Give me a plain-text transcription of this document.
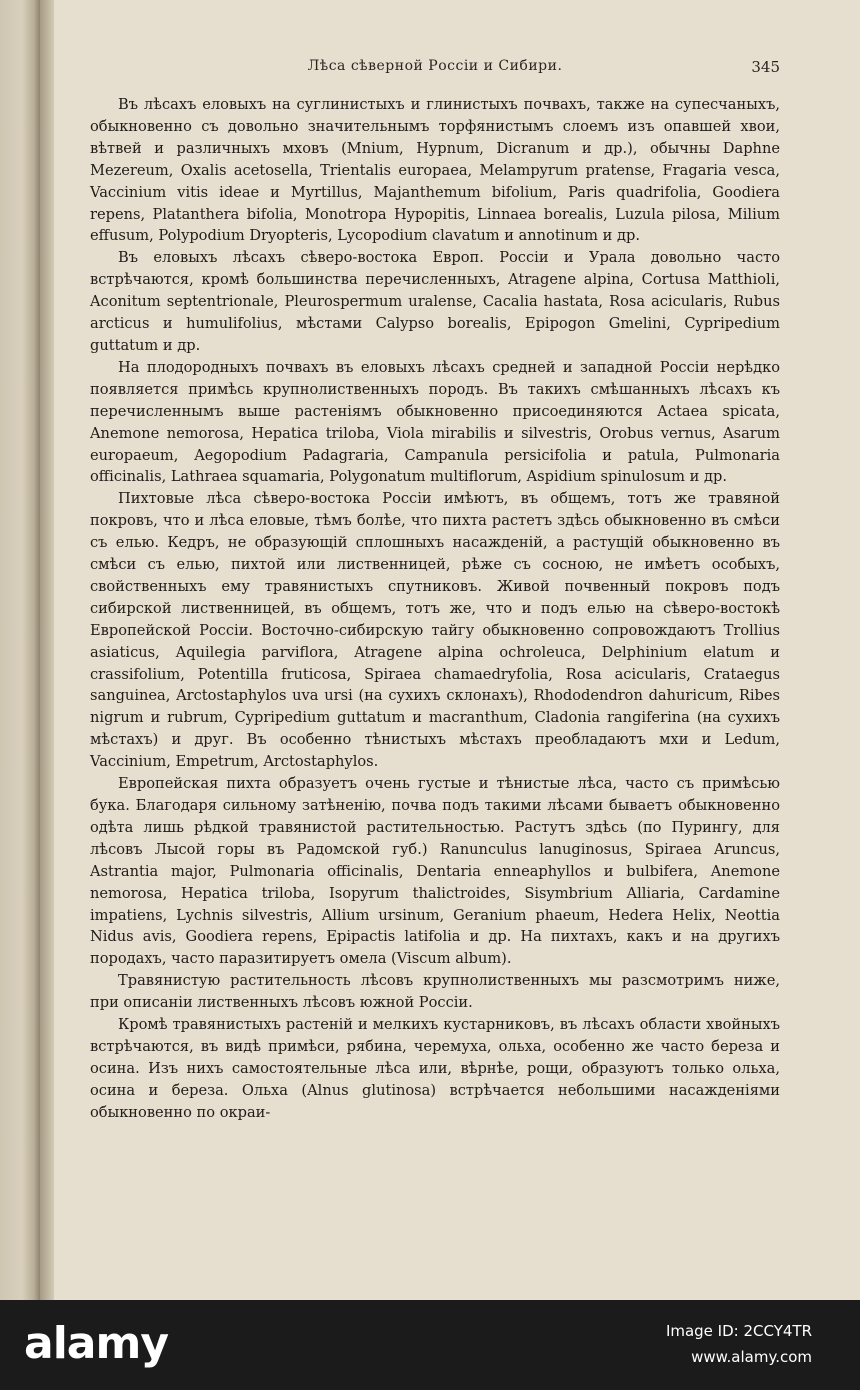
Лѣса сѣверной Россіи и Сибири.	345

Въ лѣсахъ еловыхъ на суглинистыхъ и глинистыхъ почвахъ, также на супесчаныхъ, обыкновенно съ довольно значительнымъ торфянистымъ слоемъ изъ опавшей хвои, вѣтвей и различныхъ мховъ (Mnium, Hypnum, Dicranum и др.), обычны Daphne Mezereum, Oxalis acetosella, Trientalis europaea, Melampyrum pratense, Fragaria vesca, Vaccinium vitis ideae и Myrtillus, Majanthemum bifolium, Paris quadrifolia, Goodiera repens, Platanthera bifolia, Monotropa Hypopitis, Linnaea borealis, Luzula pilosa, Milium effusum, Polypodium Dryopteris, Lycopodium clavatum и annotinum и др.

Въ еловыхъ лѣсахъ сѣверо-востока Европ. Россіи и Урала довольно часто встрѣчаются, кромѣ большинства перечисленныхъ, Atragene alpina, Cortusa Matthioli, Aconitum septentrionale, Pleurospermum uralense, Cacalia hastata, Rosa acicularis, Rubus arcticus и humulifolius, мѣстами Calypso borealis, Epipogon Gmelini, Cypripedium guttatum и др.

На плодородныхъ почвахъ въ еловыхъ лѣсахъ средней и западной Россіи нерѣдко появляется примѣсь крупнолиственныхъ породъ. Въ такихъ смѣшанныхъ лѣсахъ къ перечисленнымъ выше растеніямъ обыкновенно присоединяются Actaea spicata, Anemone nemorosa, Hepatica triloba, Viola mirabilis и silvestris, Orobus vernus, Asarum europaeum, Aegopodium Padagraria, Campanula persicifolia и patula, Pulmonaria officinalis, Lathraea squamaria, Polygonatum multiflorum, Aspidium spinulosum и др.

Пихтовые лѣса сѣверо-востока Россіи имѣютъ, въ общемъ, тотъ же травяной покровъ, что и лѣса еловые, тѣмъ болѣе, что пихта растетъ здѣсь обыкновенно въ смѣси съ елью. Кедръ, не образующій сплошныхъ насажденій, а растущій обыкновенно въ смѣси съ елью, пихтой или лиственницей, рѣже съ сосною, не имѣетъ особыхъ, свойственныхъ ему травянистыхъ спутниковъ. Живой почвенный покровъ подъ сибирской лиственницей, въ общемъ, тотъ же, что и подъ елью на сѣверо-востокѣ Европейской Россіи. Восточно-сибирскую тайгу обыкновенно сопровождаютъ Trollius asiaticus, Aquilegia parviflora, Atragene alpina ochroleuca, Delphinium elatum и crassifolium, Potentilla fruticosa, Spiraea chamaedryfolia, Rosa acicularis, Crataegus sanguinea, Arctostaphylos uva ursi (на сухихъ склонахъ), Rhododendron dahuricum, Ribes nigrum и rubrum, Cypripedium guttatum и macranthum, Cladonia rangiferina (на сухихъ мѣстахъ) и друг. Въ особенно тѣнистыхъ мѣстахъ преобладаютъ мхи и Ledum, Vaccinium, Empetrum, Arctostaphylos.

Европейская пихта образуетъ очень густые и тѣнистые лѣса, часто съ примѣсью бука. Благодаря сильному затѣненію, почва подъ такими лѣсами бываетъ обыкновенно одѣта лишь рѣдкой травянистой растительностью. Растутъ здѣсь (по Пурингу, для лѣсовъ Лысой горы въ Радомской губ.) Ranunculus lanuginosus, Spiraea Aruncus, Astrantia major, Pulmonaria officinalis, Dentaria enneaphyllos и bulbifera, Anemone nemorosa, Hepatica triloba, Isopyrum thalictroides, Sisymbrium Alliaria, Cardamine impatiens, Lychnis silvestris, Allium ursinum, Geranium phaeum, Hedera Helix, Neottia Nidus avis, Goodiera repens, Epipactis latifolia и др. На пихтахъ, какъ и на другихъ породахъ, часто паразитируетъ омела (Viscum album).

Травянистую растительность лѣсовъ крупнолиственныхъ мы разсмотримъ ниже, при описаніи лиственныхъ лѣсовъ южной Россіи.

Кромѣ травянистыхъ растеній и мелкихъ кустарниковъ, въ лѣсахъ области хвойныхъ встрѣчаются, въ видѣ примѣси, рябина, черемуха, ольха, особенно же часто береза и осина. Изъ нихъ самостоятельные лѣса или, вѣрнѣе, рощи, образуютъ только ольха, осина и береза. Ольха (Alnus glutinosa) встрѣчается небольшими насажденіями обыкновенно по окраи-

alamy	Image ID: 2CCY4TR
www.alamy.com
